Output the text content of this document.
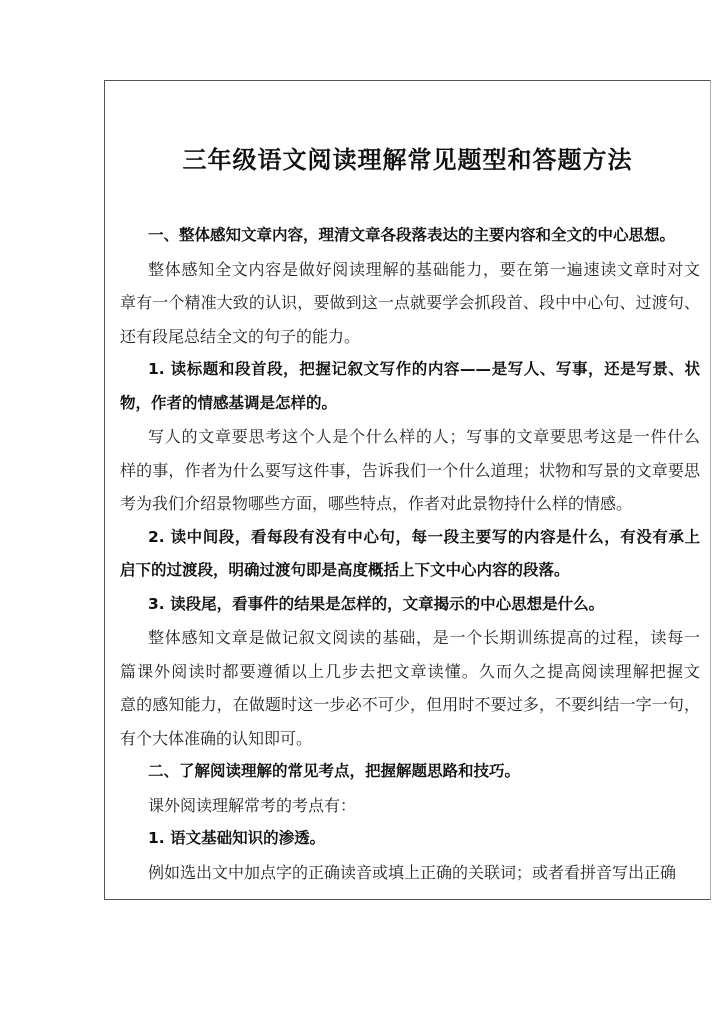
三年级语文阅读理解常见题型和答题方法
一、整体感知文章内容，理清文章各段落表达的主要内容和全文的中心思想。
整体感知全文内容是做好阅读理解的基础能力，要在第一遍速读文章时对文
章有一个精准大致的认识，要做到这一点就要学会抓段首、段中中心句、过渡句、
还有段尾总结全文的句子的能力。
1. 读标题和段首段，把握记叙文写作的内容——是写人、写事，还是写景、状
物，作者的情感基调是怎样的。
写人的文章要思考这个人是个什么样的人；写事的文章要思考这是一件什么
样的事，作者为什么要写这件事，告诉我们一个什么道理；状物和写景的文章要思
考为我们介绍景物哪些方面，哪些特点，作者对此景物持什么样的情感。
2. 读中间段，看每段有没有中心句，每一段主要写的内容是什么，有没有承上
启下的过渡段，明确过渡句即是高度概括上下文中心内容的段落。
3. 读段尾，看事件的结果是怎样的，文章揭示的中心思想是什么。
整体感知文章是做记叙文阅读的基础，是一个长期训练提高的过程，读每一
篇课外阅读时都要遵循以上几步去把文章读懂。久而久之提高阅读理解把握文
意的感知能力，在做题时这一步必不可少，但用时不要过多，不要纠结一字一句，
有个大体准确的认知即可。
二、了解阅读理解的常见考点，把握解题思路和技巧。
课外阅读理解常考的考点有：
1. 语文基础知识的渗透。
例如选出文中加点字的正确读音或填上正确的关联词；或者看拼音写出正确
